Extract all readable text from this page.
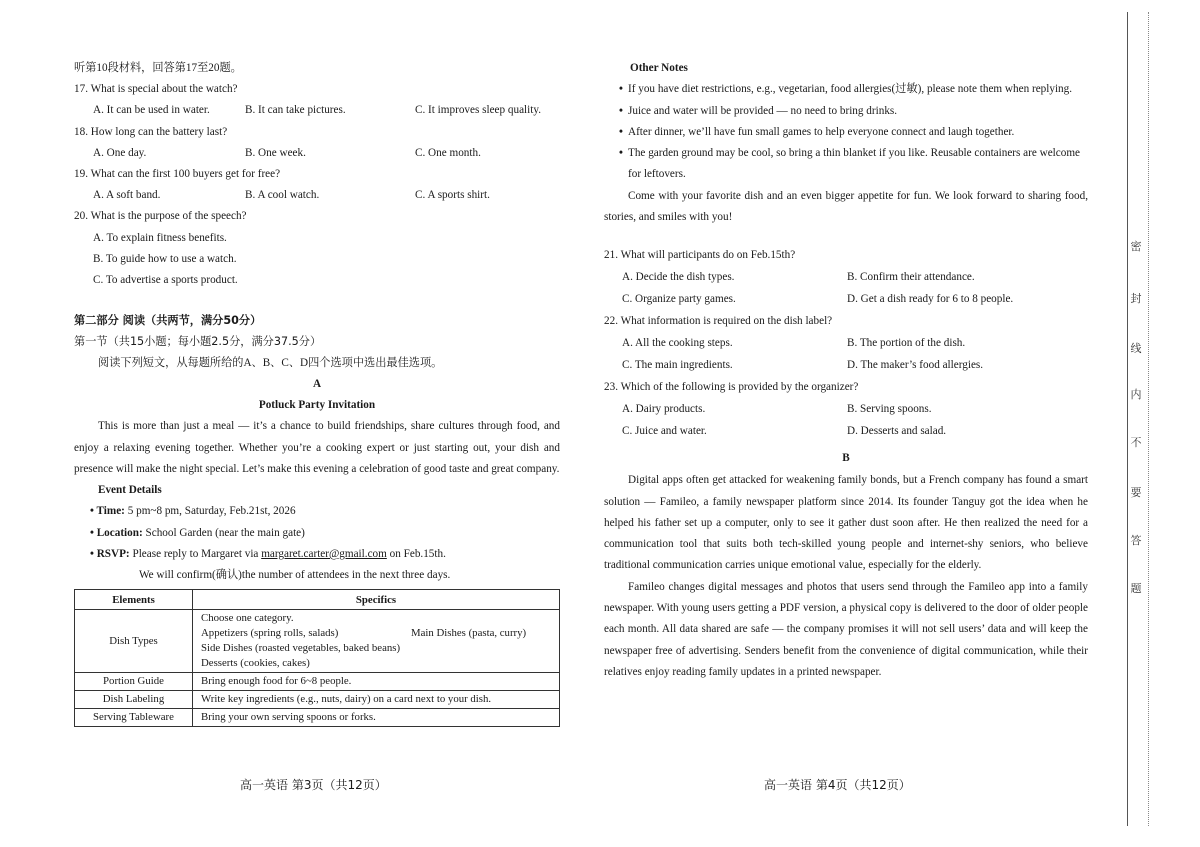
听第10段材料，回答第17至20题。
17. What is special about the watch?
A. It can be used in water.	B. It can take pictures.	C. It improves sleep quality.
18. How long can the battery last?
A. One day.	B. One week.	C. One month.
19. What can the first 100 buyers get for free?
A. A soft band.	B. A cool watch.	C. A sports shirt.
20. What is the purpose of the speech?
A. To explain fitness benefits.
B. To guide how to use a watch.
C. To advertise a sports product.
第二部分 阅读（共两节，满分50分）
第一节（共15小题；每小题2.5分，满分37.5分）
阅读下列短文，从每题所给的A、B、C、D四个选项中选出最佳选项。
A
Potluck Party Invitation
This is more than just a meal — it’s a chance to build friendships, share cultures through food, and enjoy a relaxing evening together. Whether you’re a cooking expert or just starting out, your dish and presence will make the night special. Let’s make this evening a celebration of good taste and great company.
Event Details
• Time: 5 pm~8 pm, Saturday, Feb.21st, 2026
• Location: School Garden (near the main gate)
• RSVP: Please reply to Margaret via margaret.carter@gmail.com on Feb.15th.
We will confirm(确认)the number of attendees in the next three days.
Elements	Specifics
Dish Types	Choose one category.
Appetizers (spring rolls, salads) Main Dishes (pasta, curry)
Side Dishes (roasted vegetables, baked beans)
Desserts (cookies, cakes)

Portion Guide	Bring enough food for 6~8 people.
Dish Labeling	Write key ingredients (e.g., nuts, dairy) on a card next to your dish.
Serving Tableware	Bring your own serving spoons or forks.
Other Notes
• If you have diet restrictions, e.g., vegetarian, food allergies(过敏), please note them when replying.
• Juice and water will be provided — no need to bring drinks.
• After dinner, we’ll have fun small games to help everyone connect and laugh together.
• The garden ground may be cool, so bring a thin blanket if you like. Reusable containers are welcome for leftovers.
Come with your favorite dish and an even bigger appetite for fun. We look forward to sharing food, stories, and smiles with you!
21. What will participants do on Feb.15th?
A. Decide the dish types.	B. Confirm their attendance.
C. Organize party games.	D. Get a dish ready for 6 to 8 people.
22. What information is required on the dish label?
A. All the cooking steps.	B. The portion of the dish.
C. The main ingredients.	D. The maker’s food allergies.
23. Which of the following is provided by the organizer?
A. Dairy products.	B. Serving spoons.
C. Juice and water.	D. Desserts and salad.
B
Digital apps often get attacked for weakening family bonds, but a French company has found a smart solution — Famileo, a family newspaper platform since 2014. Its founder Tanguy got the idea when he helped his father set up a computer, only to see it gather dust soon after. He then realized the need for a communication tool that suits both tech-skilled young people and internet-shy seniors, who believe traditional communication carries unique emotional value, especially for the elderly.
Famileo changes digital messages and photos that users send through the Famileo app into a family newspaper. With young users getting a PDF version, a physical copy is delivered to the door of older people each month. All data shared are safe — the company promises it will not sell users’ data and will keep the newspaper free of advertising. Senders benefit from the convenience of digital communication, while their relatives enjoy reading family updates in a printed newspaper.
高一英语 第3页（共12页）	高一英语 第4页（共12页）
密
封
线
内
不
要
答
题
